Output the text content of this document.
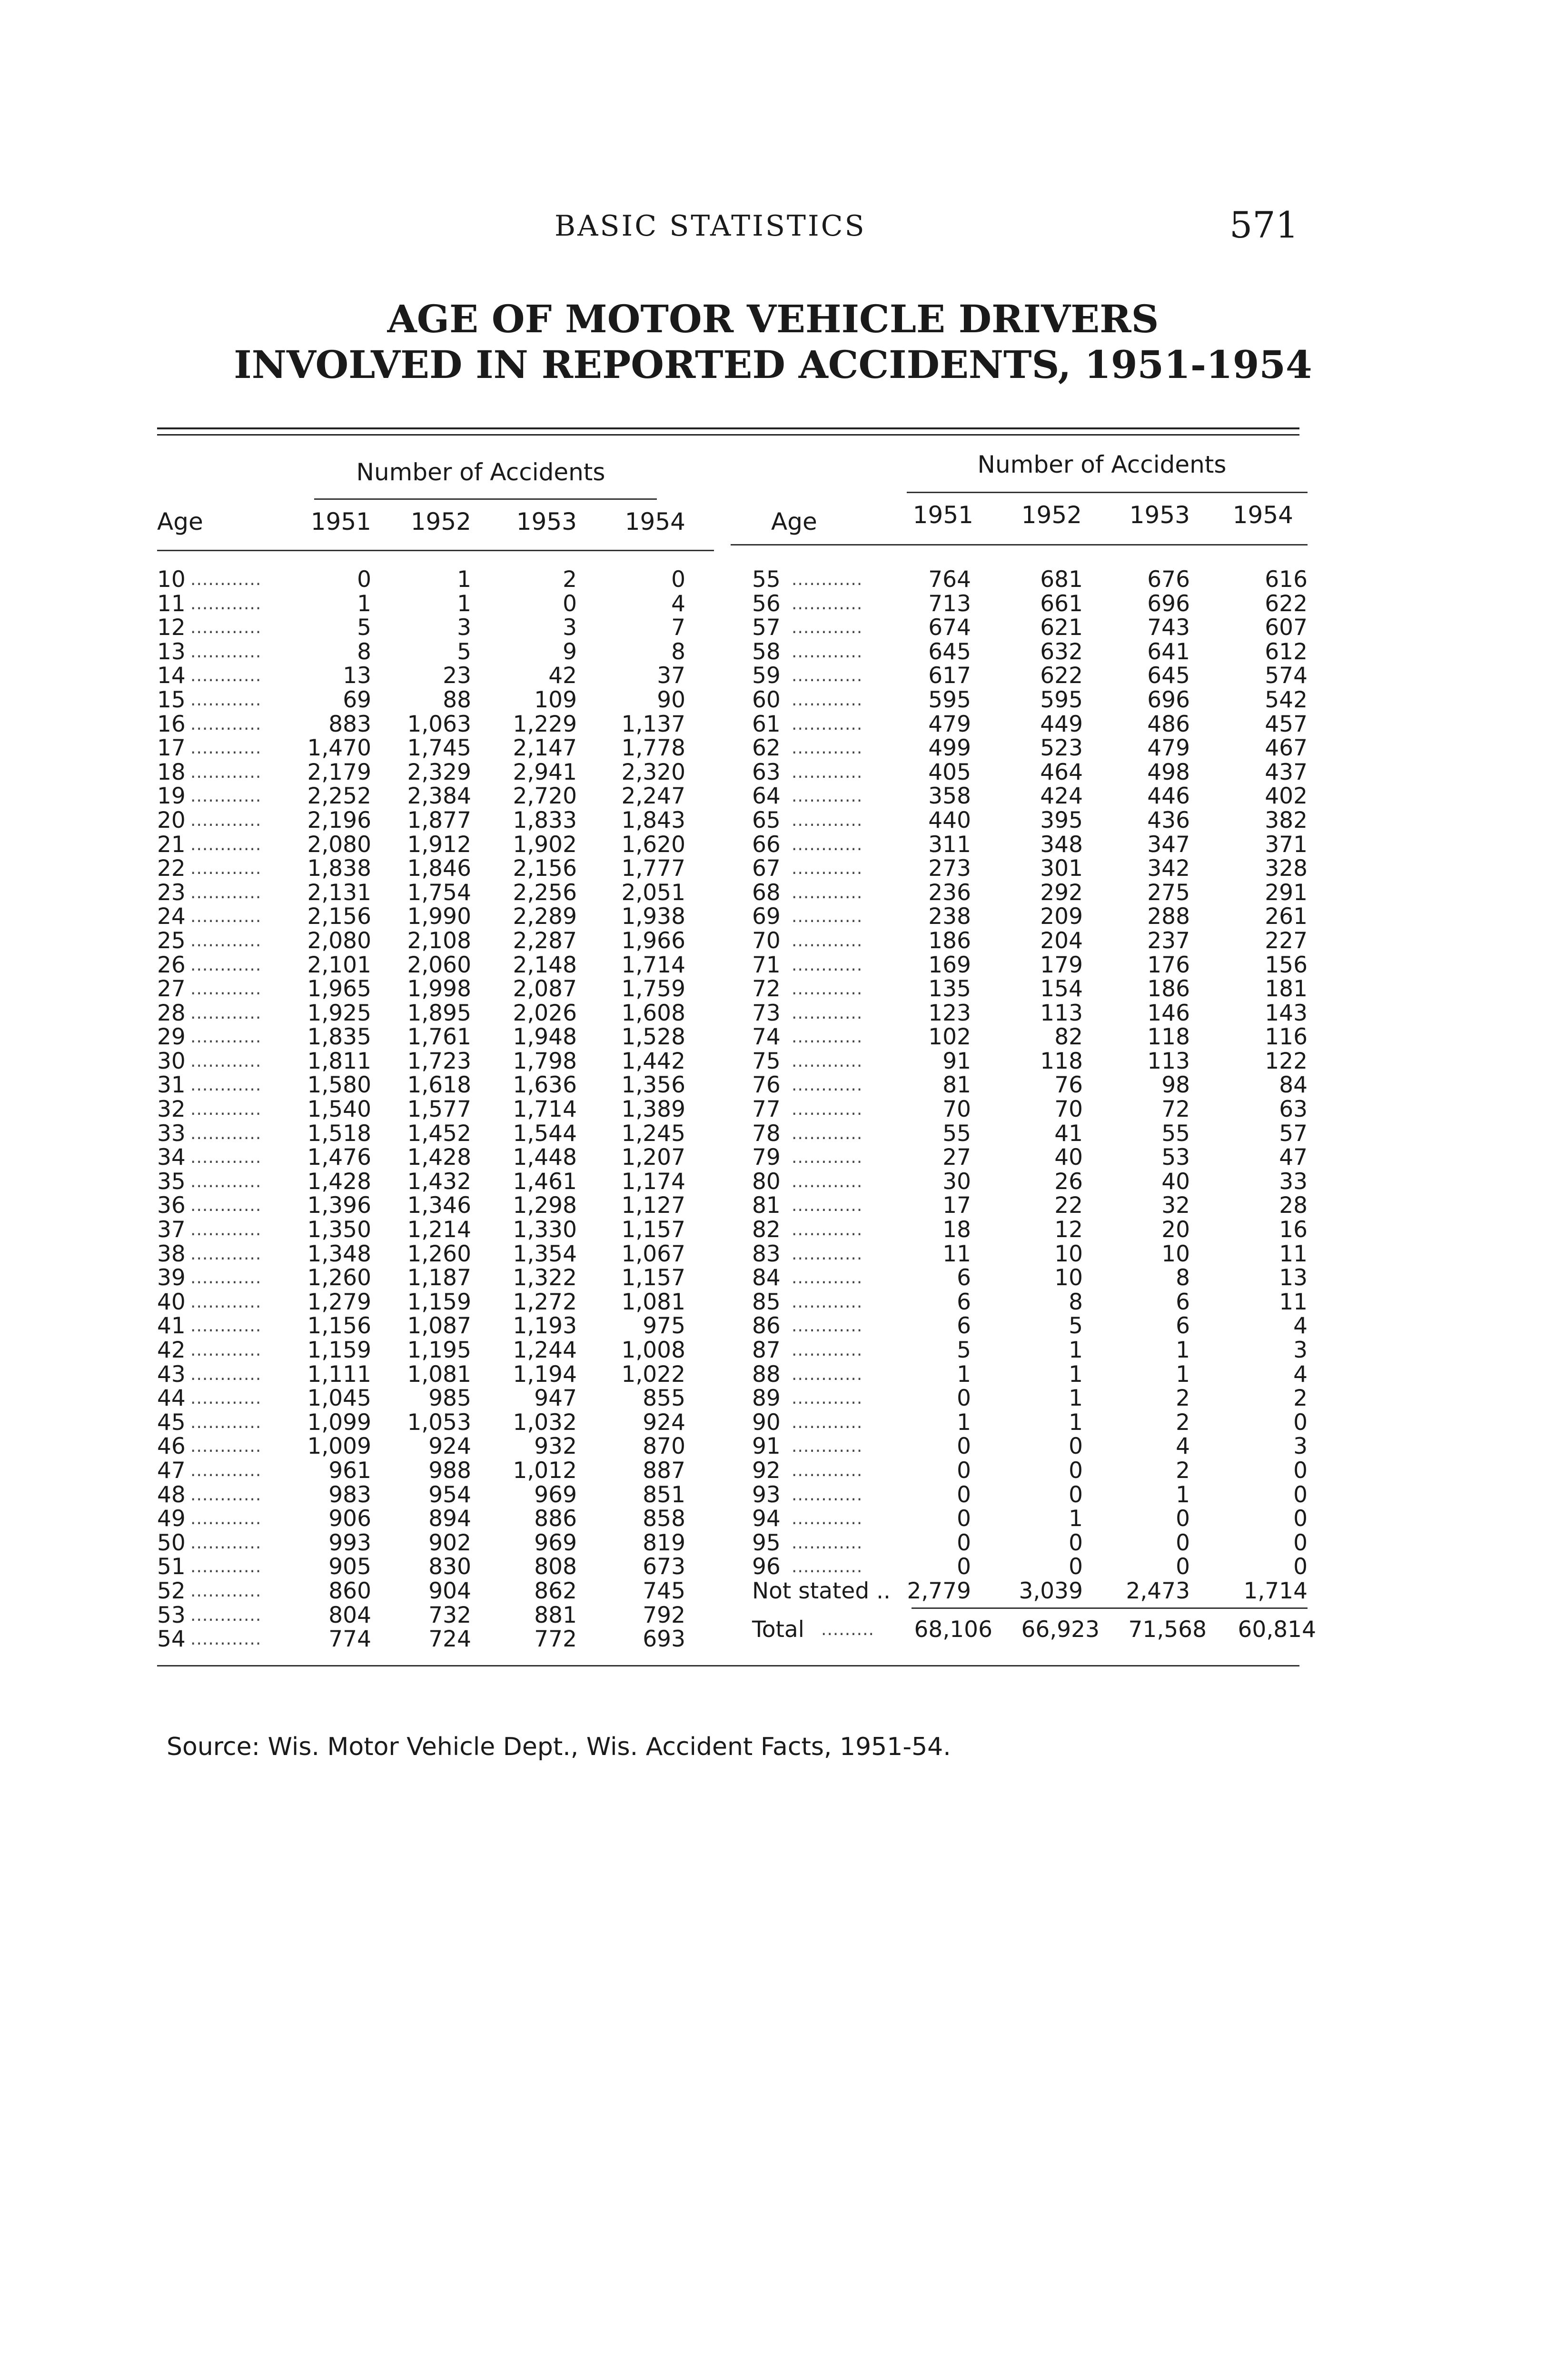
BASIC STATISTICS	571
AGE OF MOTOR VEHICLE DRIVERS
INVOLVED IN REPORTED ACCIDENTS, 1951-1954
Number of Accidents
Age	1951	1952	1953	1954
10 ............	0	1	2	0
11 ............	1	1	0	4
12 ............	5	3	3	7
13 ............	8	5	9	8
14 ............	13	23	42	37
15 ............	69	88	109	90
16 ............	883	1,063	1,229	1,137
17 ............	1,470	1,745	2,147	1,778
18 ............	2,179	2,329	2,941	2,320
19 ............	2,252	2,384	2,720	2,247
20 ............	2,196	1,877	1,833	1,843
21 ............	2,080	1,912	1,902	1,620
22 ............	1,838	1,846	2,156	1,777
23 ............	2,131	1,754	2,256	2,051
24 ............	2,156	1,990	2,289	1,938
25 ............	2,080	2,108	2,287	1,966
26 ............	2,101	2,060	2,148	1,714
27 ............	1,965	1,998	2,087	1,759
28 ............	1,925	1,895	2,026	1,608
29 ............	1,835	1,761	1,948	1,528
30 ............	1,811	1,723	1,798	1,442
31 ............	1,580	1,618	1,636	1,356
32 ............	1,540	1,577	1,714	1,389
33 ............	1,518	1,452	1,544	1,245
34 ............	1,476	1,428	1,448	1,207
35 ............	1,428	1,432	1,461	1,174
36 ............	1,396	1,346	1,298	1,127
37 ............	1,350	1,214	1,330	1,157
38 ............	1,348	1,260	1,354	1,067
39 ............	1,260	1,187	1,322	1,157
40 ............	1,279	1,159	1,272	1,081
41 ............	1,156	1,087	1,193	975
42 ............	1,159	1,195	1,244	1,008
43 ............	1,111	1,081	1,194	1,022
44 ............	1,045	985	947	855
45 ............	1,099	1,053	1,032	924
46 ............	1,009	924	932	870
47 ............	961	988	1,012	887
48 ............	983	954	969	851
49 ............	906	894	886	858
50 ............	993	902	969	819
51 ............	905	830	808	673
52 ............	860	904	862	745
53 ............	804	732	881	792
54 ............	774	724	772	693
Number of Accidents
Age	1951	1952	1953	1954
55 ............	764	681	676	616
56 ............	713	661	696	622
57 ............	674	621	743	607
58 ............	645	632	641	612
59 ............	617	622	645	574
60 ............	595	595	696	542
61 ............	479	449	486	457
62 ............	499	523	479	467
63 ............	405	464	498	437
64 ............	358	424	446	402
65 ............	440	395	436	382
66 ............	311	348	347	371
67 ............	273	301	342	328
68 ............	236	292	275	291
69 ............	238	209	288	261
70 ............	186	204	237	227
71 ............	169	179	176	156
72 ............	135	154	186	181
73 ............	123	113	146	143
74 ............	102	82	118	116
75 ............	91	118	113	122
76 ............	81	76	98	84
77 ............	70	70	72	63
78 ............	55	41	55	57
79 ............	27	40	53	47
80 ............	30	26	40	33
81 ............	17	22	32	28
82 ............	18	12	20	16
83 ............	11	10	10	11
84 ............	6	10	8	13
85 ............	6	8	6	11
86 ............	6	5	6	4
87 ............	5	1	1	3
88 ............	1	1	1	4
89 ............	0	1	2	2
90 ............	1	1	2	0
91 ............	0	0	4	3
92 ............	0	0	2	0
93 ............	0	0	1	0
94 ............	0	1	0	0
95 ............	0	0	0	0
96 ............	0	0	0	0
Not stated .. 2,779	3,039	2,473	1,714
Total .........	68,106	66,923	71,568	60,814
Source: Wis. Motor Vehicle Dept., Wis. Accident Facts, 1951-54.
